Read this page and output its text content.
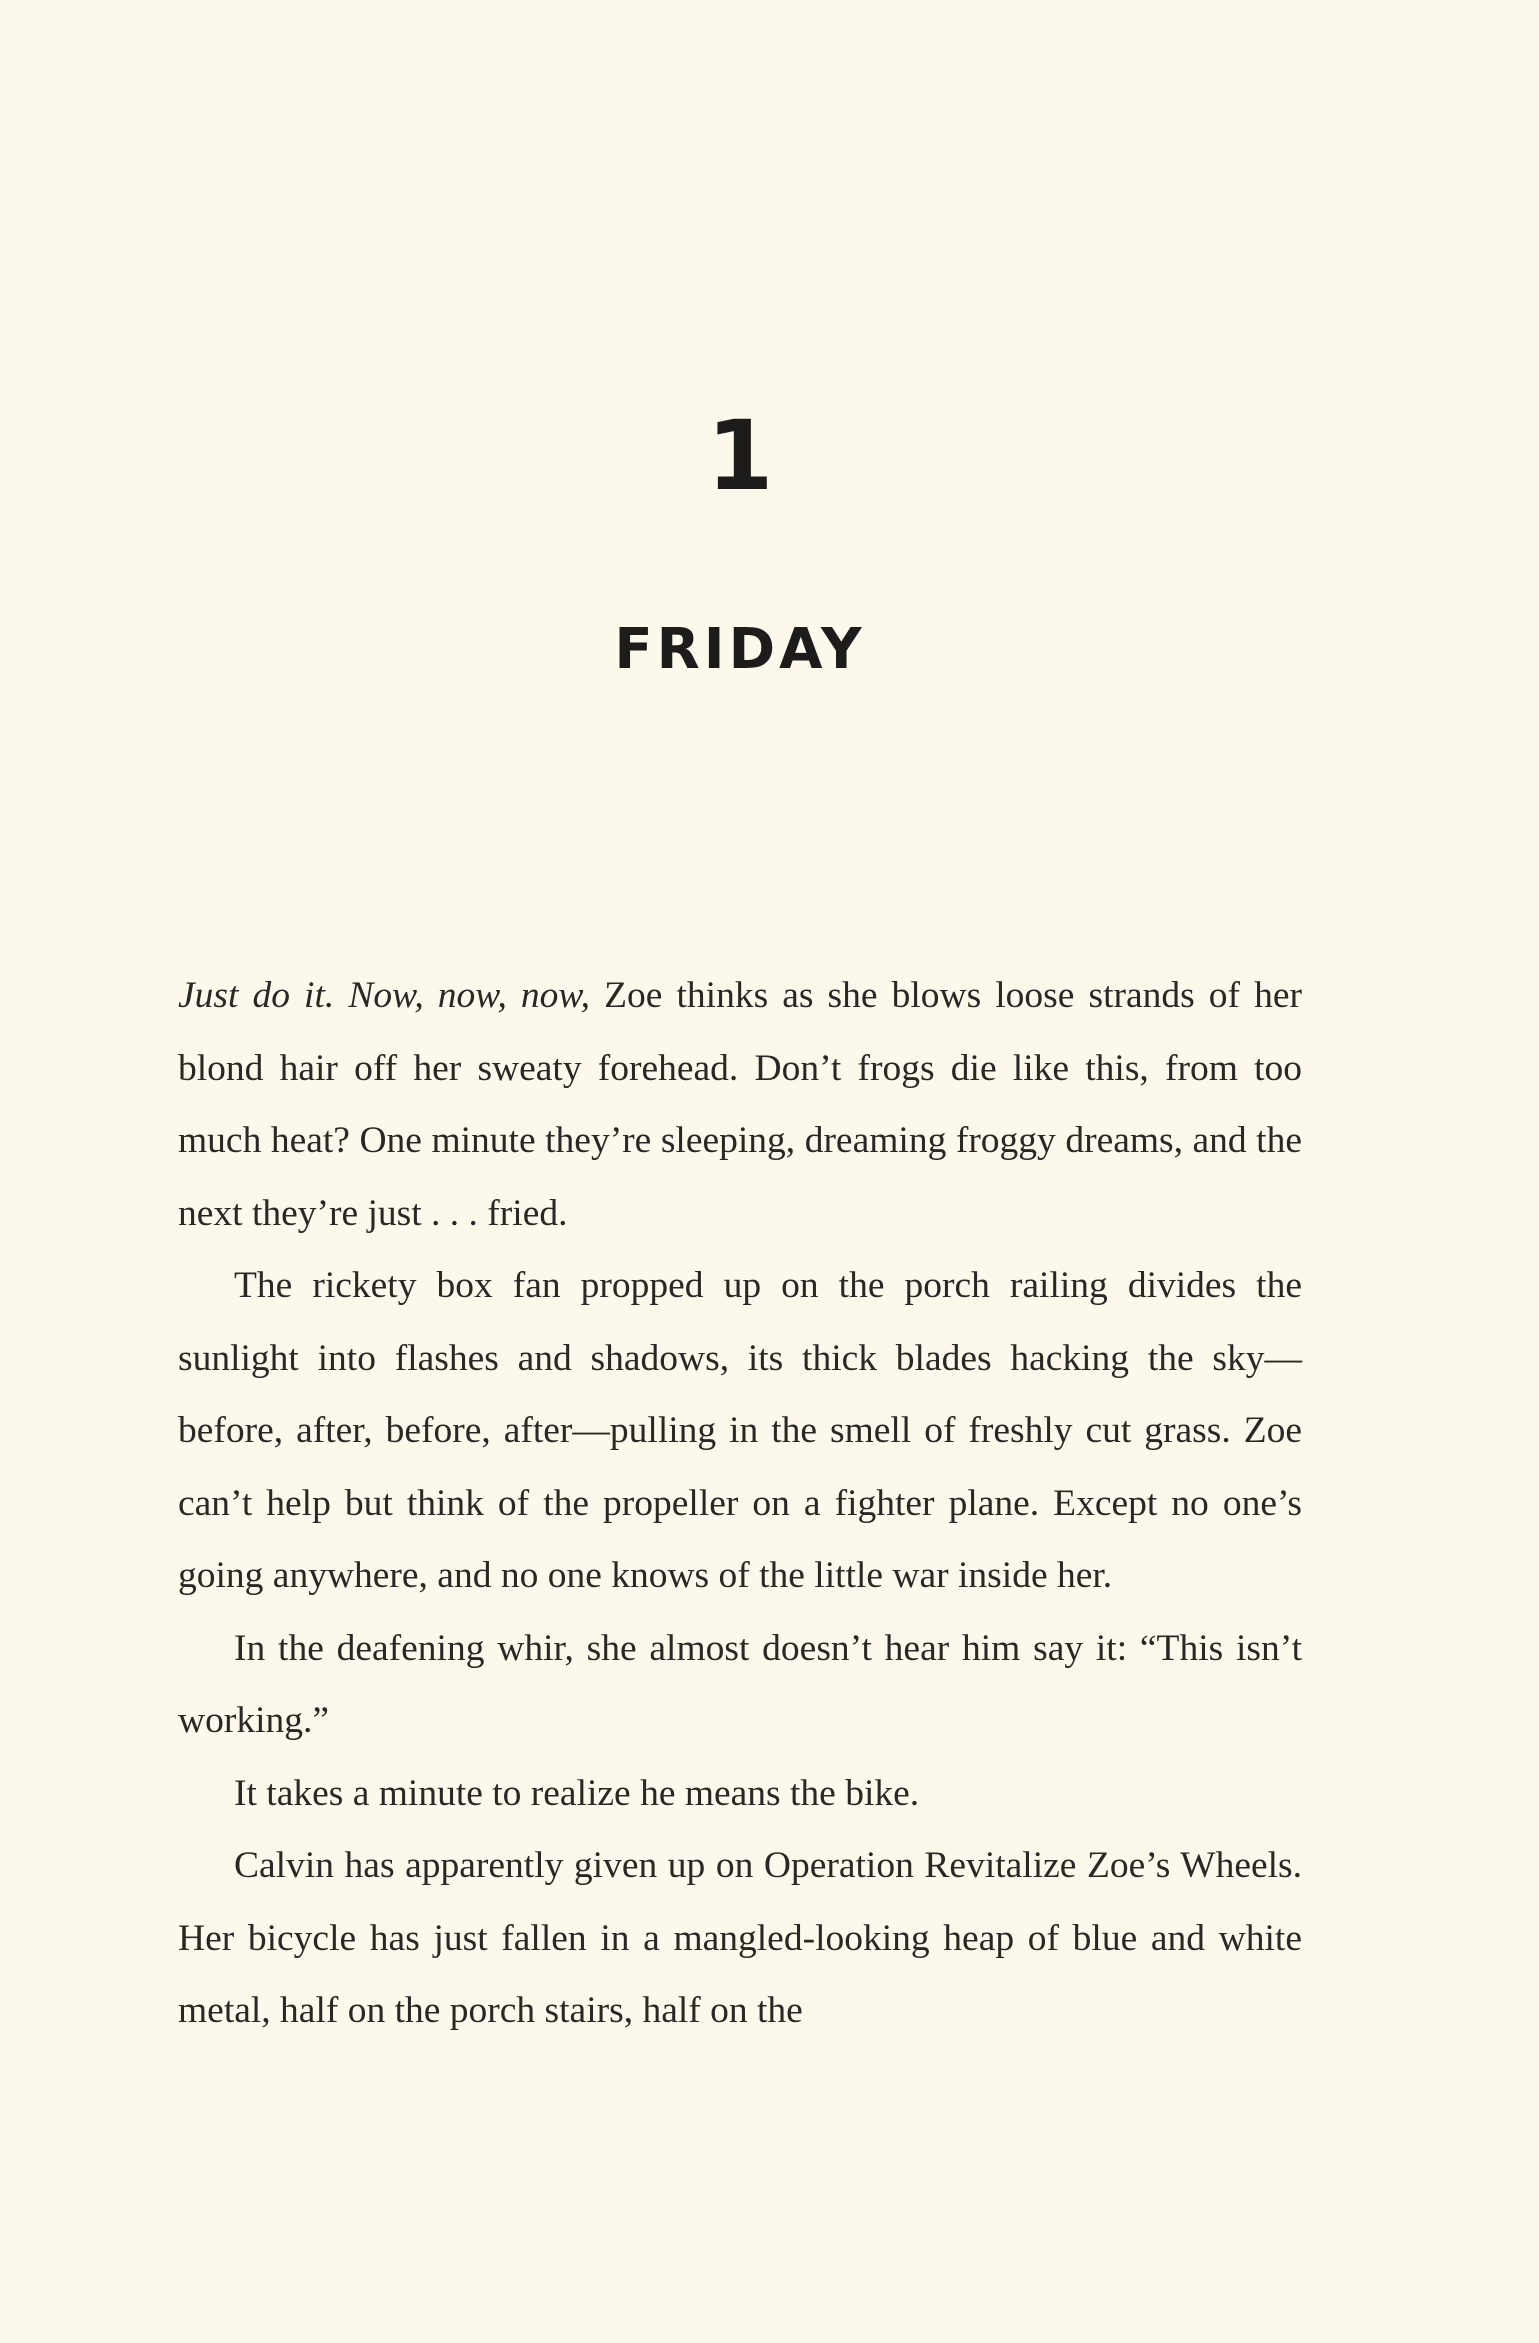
1
FRIDAY

Just do it. Now, now, now, Zoe thinks as she blows loose strands of her blond hair off her sweaty forehead. Don’t frogs die like this, from too much heat? One minute they’re sleeping, dreaming froggy dreams, and the next they’re just . . . fried.

The rickety box fan propped up on the porch railing divides the sunlight into flashes and shadows, its thick blades hacking the sky—before, after, before, after—pulling in the smell of freshly cut grass. Zoe can’t help but think of the propeller on a fighter plane. Except no one’s going anywhere, and no one knows of the little war inside her.

In the deafening whir, she almost doesn’t hear him say it: “This isn’t working.”

It takes a minute to realize he means the bike.

Calvin has apparently given up on Operation Revitalize Zoe’s Wheels. Her bicycle has just fallen in a mangled-looking heap of blue and white metal, half on the porch stairs, half on the
